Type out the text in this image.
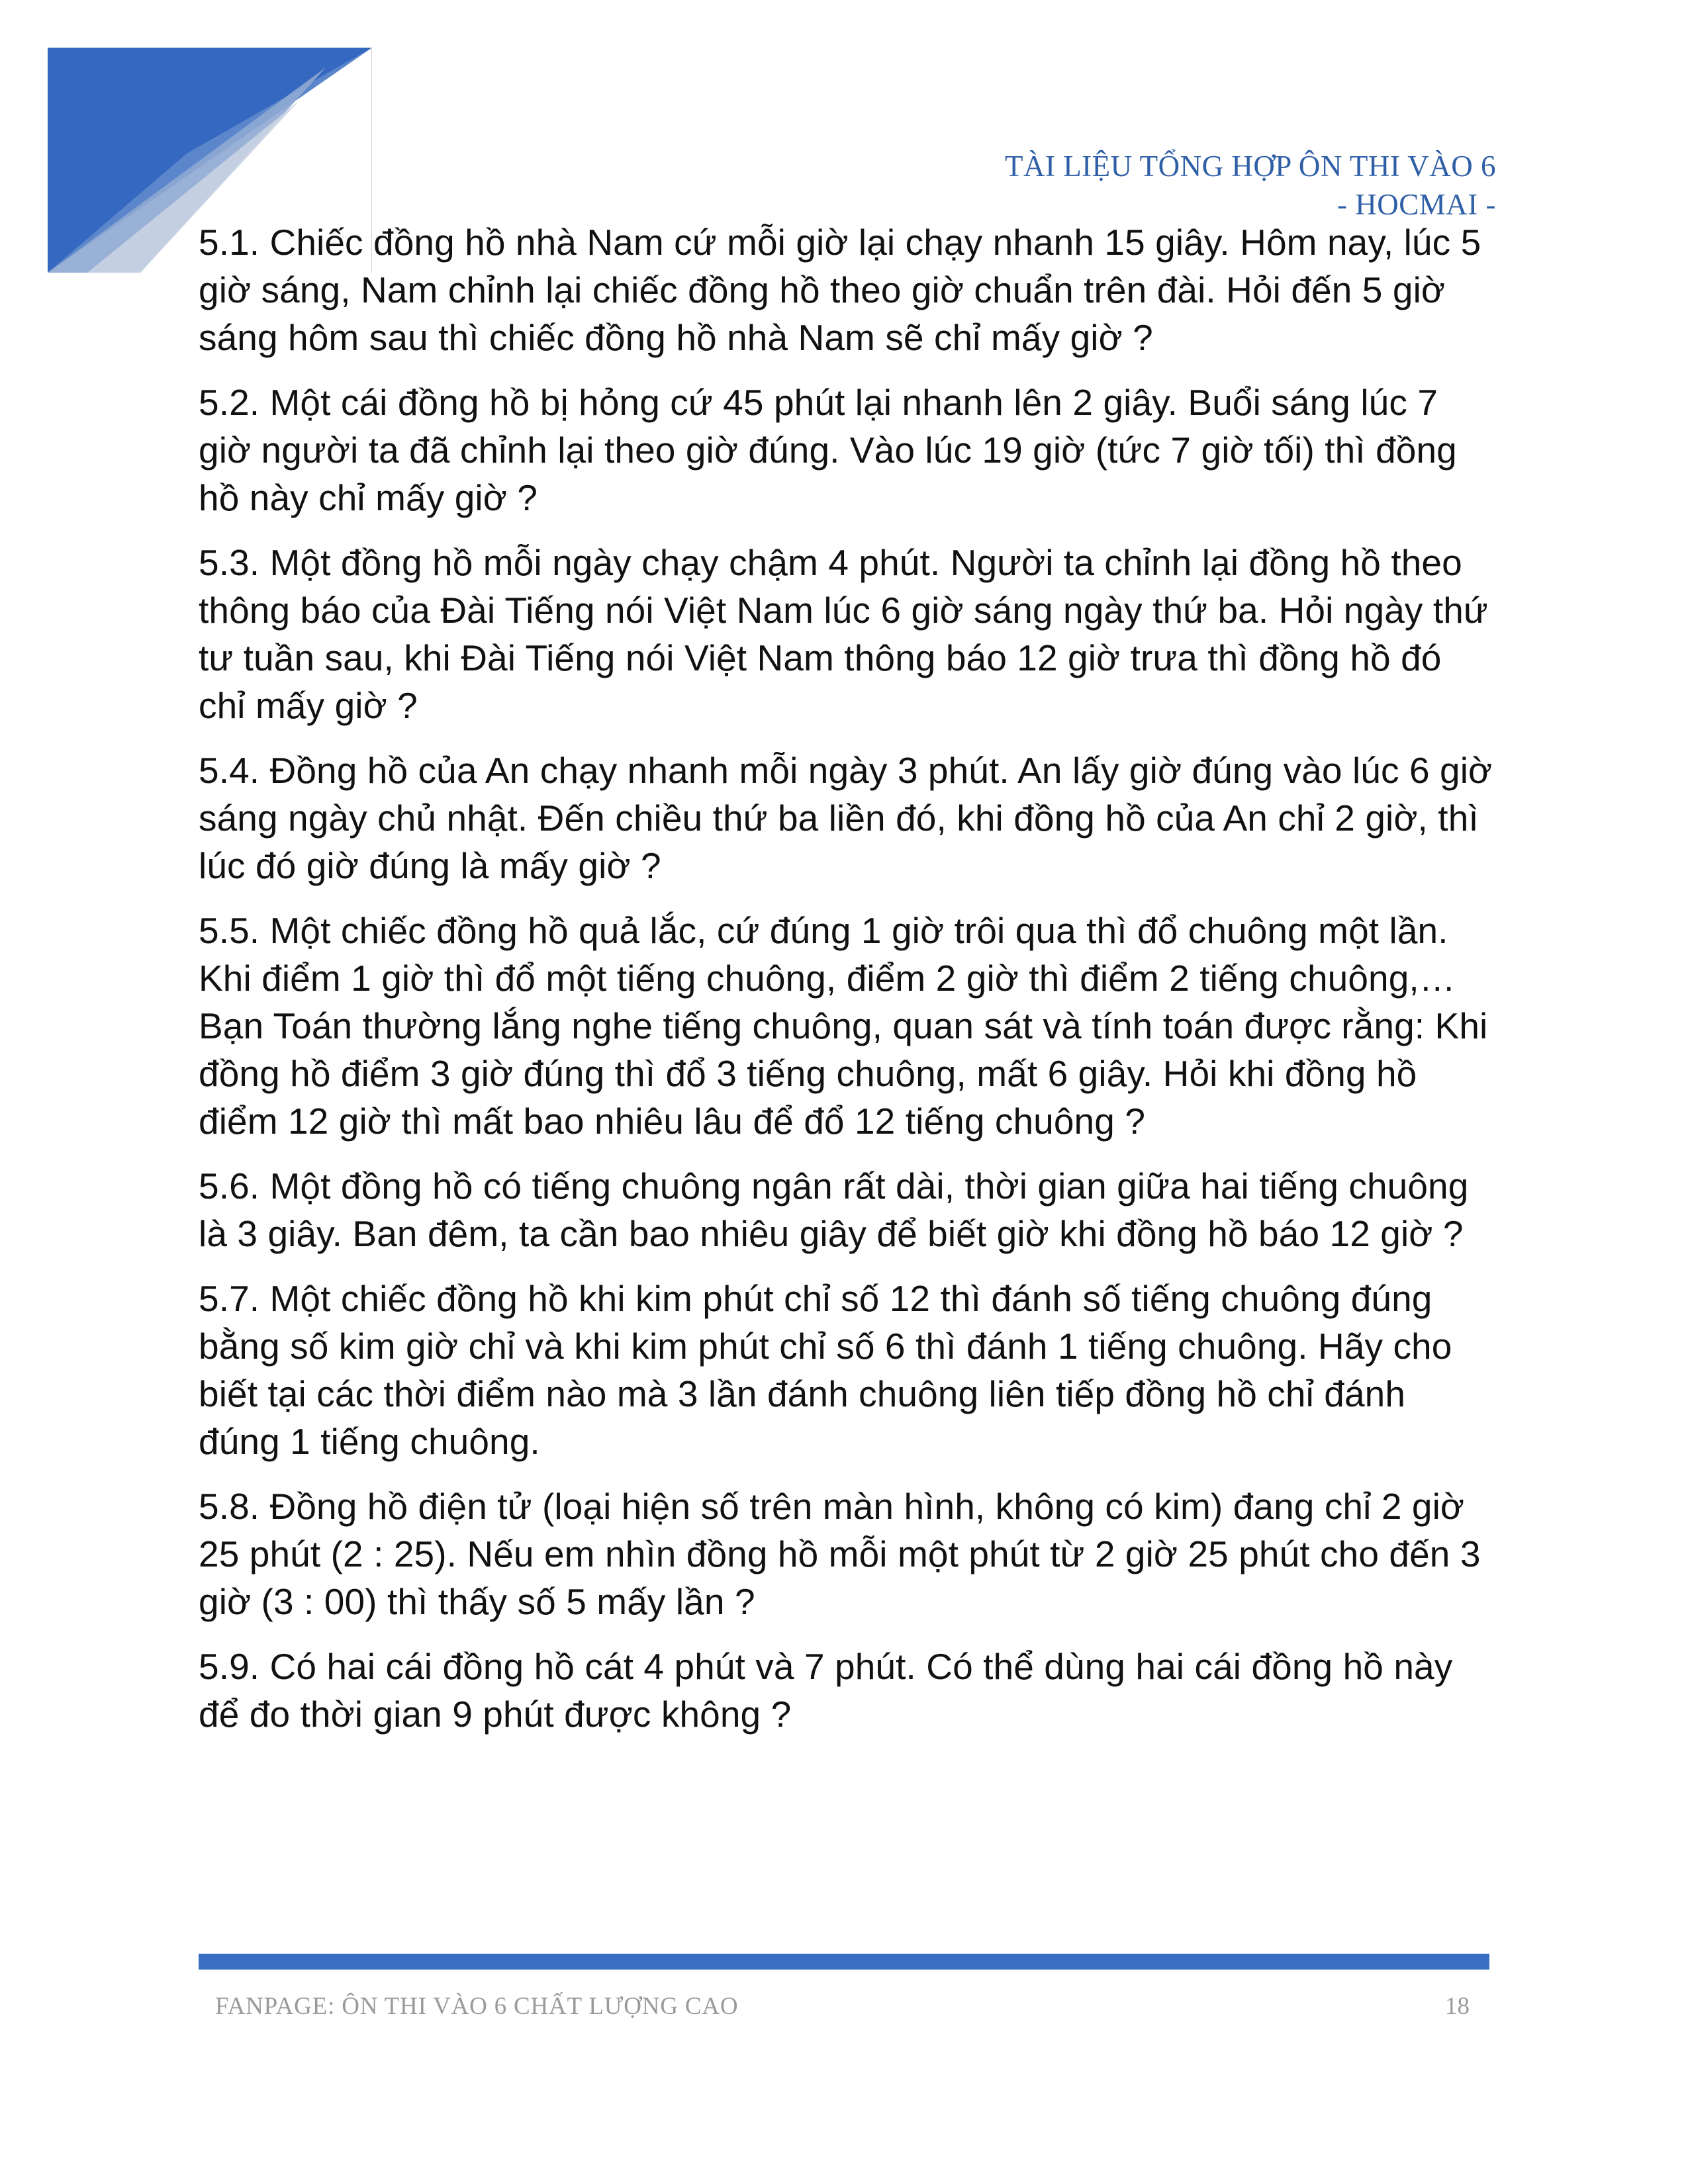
TÀI LIỆU TỔNG HỢP ÔN THI VÀO 6
- HOCMAI -

5.1. Chiếc đồng hồ nhà Nam cứ mỗi giờ lại chạy nhanh 15 giây. Hôm nay, lúc 5 giờ sáng, Nam chỉnh lại chiếc đồng hồ theo giờ chuẩn trên đài. Hỏi đến 5 giờ sáng hôm sau thì chiếc đồng hồ nhà Nam sẽ chỉ mấy giờ ?

5.2. Một cái đồng hồ bị hỏng cứ 45 phút lại nhanh lên 2 giây. Buổi sáng lúc 7 giờ người ta đã chỉnh lại theo giờ đúng. Vào lúc 19 giờ (tức 7 giờ tối) thì đồng hồ này chỉ mấy giờ ?

5.3. Một đồng hồ mỗi ngày chạy chậm 4 phút. Người ta chỉnh lại đồng hồ theo thông báo của Đài Tiếng nói Việt Nam lúc 6 giờ sáng ngày thứ ba. Hỏi ngày thứ tư tuần sau, khi Đài Tiếng nói Việt Nam thông báo 12 giờ trưa thì đồng hồ đó chỉ mấy giờ ?

5.4. Đồng hồ của An chạy nhanh mỗi ngày 3 phút. An lấy giờ đúng vào lúc 6 giờ sáng ngày chủ nhật. Đến chiều thứ ba liền đó, khi đồng hồ của An chỉ 2 giờ, thì lúc đó giờ đúng là mấy giờ ?

5.5. Một chiếc đồng hồ quả lắc, cứ đúng 1 giờ trôi qua thì đổ chuông một lần. Khi điểm 1 giờ thì đổ một tiếng chuông, điểm 2 giờ thì điểm 2 tiếng chuông,… Bạn Toán thường lắng nghe tiếng chuông, quan sát và tính toán được rằng: Khi đồng hồ điểm 3 giờ đúng thì đổ 3 tiếng chuông, mất 6 giây. Hỏi khi đồng hồ điểm 12 giờ thì mất bao nhiêu lâu để đổ 12 tiếng chuông ?

5.6. Một đồng hồ có tiếng chuông ngân rất dài, thời gian giữa hai tiếng chuông là 3 giây. Ban đêm, ta cần bao nhiêu giây để biết giờ khi đồng hồ báo 12 giờ ?

5.7. Một chiếc đồng hồ khi kim phút chỉ số 12 thì đánh số tiếng chuông đúng bằng số kim giờ chỉ và khi kim phút chỉ số 6 thì đánh 1 tiếng chuông. Hãy cho biết tại các thời điểm nào mà 3 lần đánh chuông liên tiếp đồng hồ chỉ đánh đúng 1 tiếng chuông.

5.8. Đồng hồ điện tử (loại hiện số trên màn hình, không có kim) đang chỉ 2 giờ 25 phút (2 : 25). Nếu em nhìn đồng hồ mỗi một phút từ 2 giờ 25 phút cho đến 3 giờ (3 : 00) thì thấy số 5 mấy lần ?

5.9. Có hai cái đồng hồ cát 4 phút và 7 phút. Có thể dùng hai cái đồng hồ này để đo thời gian 9 phút được không ?

FANPAGE: ÔN THI VÀO 6 CHẤT LƯỢNG CAO	18
